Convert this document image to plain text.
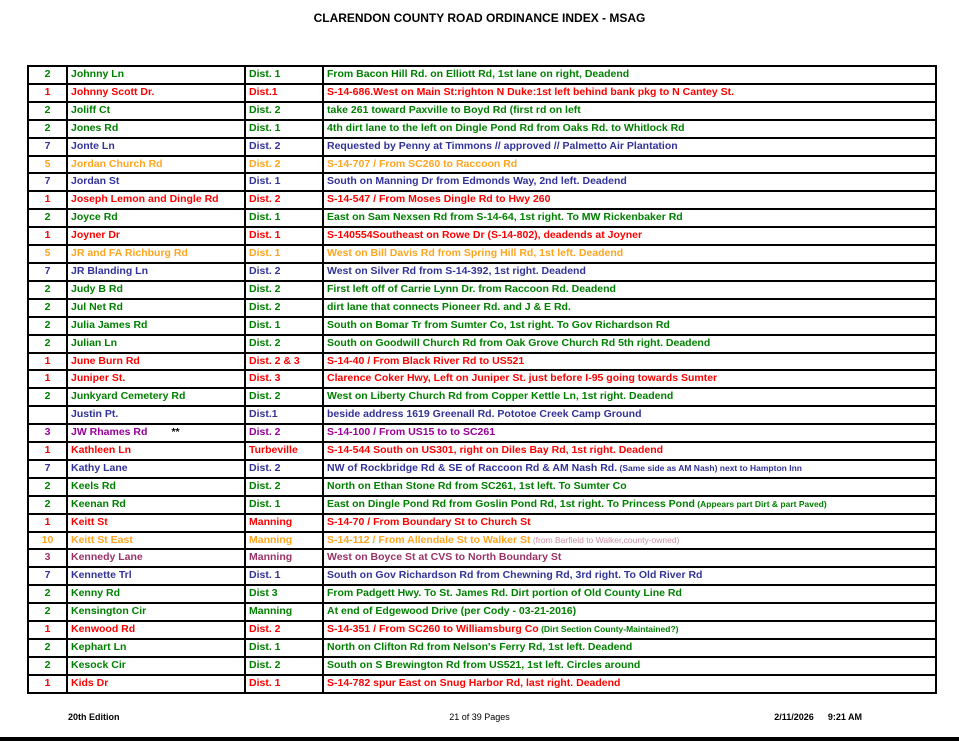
CLARENDON COUNTY ROAD ORDINANCE INDEX - MSAG
2	Johnny Ln	Dist. 1	From Bacon Hill Rd. on Elliott Rd, 1st lane on right, Deadend
1	Johnny Scott Dr.	Dist.1	S-14-686.West on Main St:righton N Duke:1st left behind bank pkg to N Cantey St.
2	Joliff Ct	Dist. 2	take 261 toward Paxville to Boyd Rd (first rd on left
2	Jones Rd	Dist. 1	4th dirt lane to the left on Dingle Pond Rd from Oaks Rd. to Whitlock Rd
7	Jonte Ln	Dist. 2	Requested by Penny at Timmons // approved // Palmetto Air Plantation
5	Jordan Church Rd	Dist. 2	S-14-707 / From SC260 to Raccoon Rd
7	Jordan St	Dist. 1	South on Manning Dr from Edmonds Way, 2nd left. Deadend
1	Joseph Lemon and Dingle Rd	Dist. 2	S-14-547 / From Moses Dingle Rd to Hwy 260
2	Joyce Rd	Dist. 1	East on Sam Nexsen Rd from S-14-64, 1st right. To MW Rickenbaker Rd
1	Joyner Dr	Dist. 1	S-140554Southeast on Rowe Dr (S-14-802), deadends at Joyner
5	JR and FA Richburg Rd	Dist. 1	West on Bill Davis Rd from Spring Hill Rd, 1st left. Deadend
7	JR Blanding Ln	Dist. 2	West on Silver Rd from S-14-392, 1st right. Deadend
2	Judy B Rd	Dist. 2	First left off of Carrie Lynn Dr. from Raccoon Rd. Deadend
2	Jul Net Rd	Dist. 2	dirt lane that connects Pioneer Rd. and J & E Rd.
2	Julia James Rd	Dist. 1	South on Bomar Tr from Sumter Co, 1st right. To Gov Richardson Rd
2	Julian Ln	Dist. 2	South on Goodwill Church Rd from Oak Grove Church Rd 5th right. Deadend
1	June Burn Rd	Dist. 2 & 3	S-14-40 / From Black River Rd to US521
1	Juniper St.	Dist. 3	Clarence Coker Hwy, Left on Juniper St. just before I-95 going towards Sumter
2	Junkyard Cemetery Rd	Dist. 2	West on Liberty Church Rd from Copper Kettle Ln, 1st right. Deadend
	Justin Pt.	Dist.1	beside address 1619 Greenall Rd. Pototoe Creek Camp Ground
3	JW Rhames Rd **	Dist. 2	S-14-100 / From US15 to to SC261
1	Kathleen Ln	Turbeville	S-14-544 South on US301, right on Diles Bay Rd, 1st right. Deadend
7	Kathy Lane	Dist. 2	NW of Rockbridge Rd & SE of Raccoon Rd & AM Nash Rd. (Same side as AM Nash) next to Hampton Inn
2	Keels Rd	Dist. 2	North on Ethan Stone Rd from SC261, 1st left. To Sumter Co
2	Keenan Rd	Dist. 1	East on Dingle Pond Rd from Goslin Pond Rd, 1st right. To Princess Pond (Appears part Dirt & part Paved)
1	Keitt St	Manning	S-14-70 / From Boundary St to Church St
10	Keitt St East	Manning	S-14-112 / From Allendale St to Walker St (from Barfield to Walker,county-owned)
3	Kennedy Lane	Manning	West on Boyce St at CVS to North Boundary St
7	Kennette Trl	Dist. 1	South on Gov Richardson Rd from Chewning Rd, 3rd right. To Old River Rd
2	Kenny Rd	Dist 3	From Padgett Hwy. To St. James Rd. Dirt portion of Old County Line Rd
2	Kensington Cir	Manning	At end of Edgewood Drive (per Cody - 03-21-2016)
1	Kenwood Rd	Dist. 2	S-14-351 / From SC260 to Williamsburg Co (Dirt Section County-Maintained?)
2	Kephart Ln	Dist. 1	North on Clifton Rd from Nelson's Ferry Rd, 1st left. Deadend
2	Kesock Cir	Dist. 2	South on S Brewington Rd from US521, 1st left. Circles around
1	Kids Dr	Dist. 1	S-14-782 spur East on Snug Harbor Rd, last right. Deadend
20th Edition	21 of 39 Pages	2/11/2026 9:21 AM
